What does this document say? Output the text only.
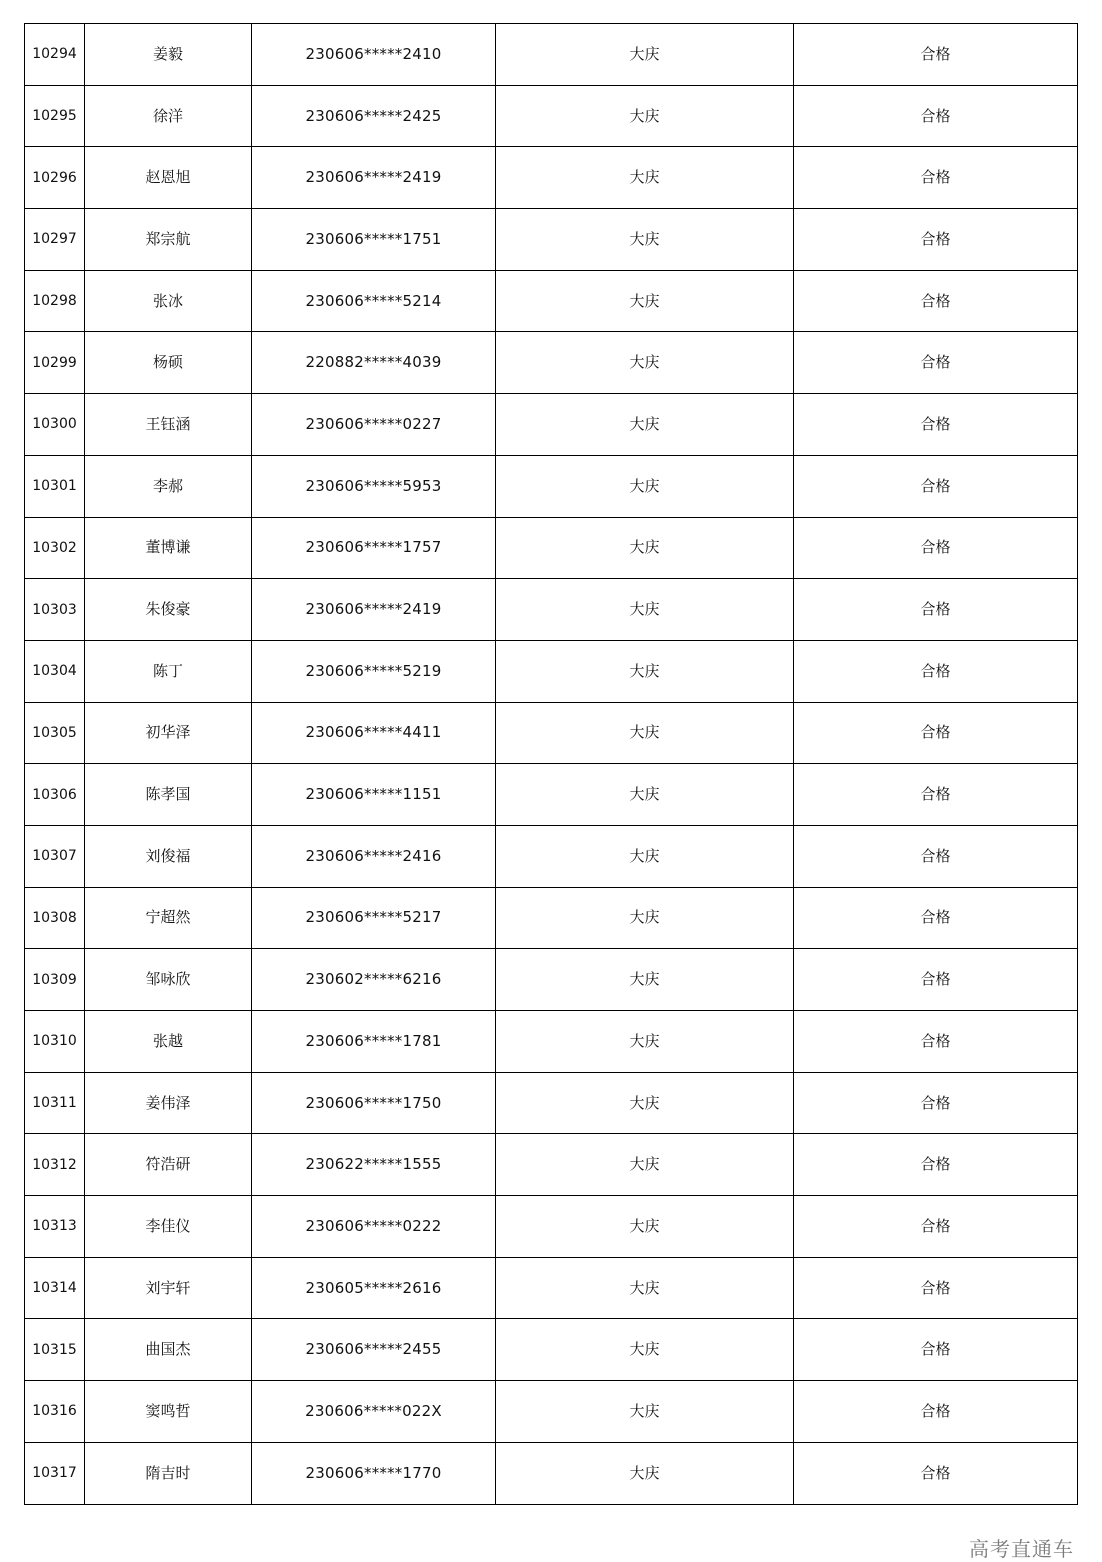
10294	姜毅	230606*****2410	大庆	合格
10295	徐洋	230606*****2425	大庆	合格
10296	赵恩旭	230606*****2419	大庆	合格
10297	郑宗航	230606*****1751	大庆	合格
10298	张冰	230606*****5214	大庆	合格
10299	杨硕	220882*****4039	大庆	合格
10300	王钰涵	230606*****0227	大庆	合格
10301	李郝	230606*****5953	大庆	合格
10302	董博谦	230606*****1757	大庆	合格
10303	朱俊豪	230606*****2419	大庆	合格
10304	陈丁	230606*****5219	大庆	合格
10305	初华泽	230606*****4411	大庆	合格
10306	陈孝国	230606*****1151	大庆	合格
10307	刘俊福	230606*****2416	大庆	合格
10308	宁超然	230606*****5217	大庆	合格
10309	邹咏欣	230602*****6216	大庆	合格
10310	张越	230606*****1781	大庆	合格
10311	姜伟泽	230606*****1750	大庆	合格
10312	符浩研	230622*****1555	大庆	合格
10313	李佳仪	230606*****0222	大庆	合格
10314	刘宇轩	230605*****2616	大庆	合格
10315	曲国杰	230606*****2455	大庆	合格
10316	窦鸣哲	230606*****022X	大庆	合格
10317	隋吉时	230606*****1770	大庆	合格
高考直通车
